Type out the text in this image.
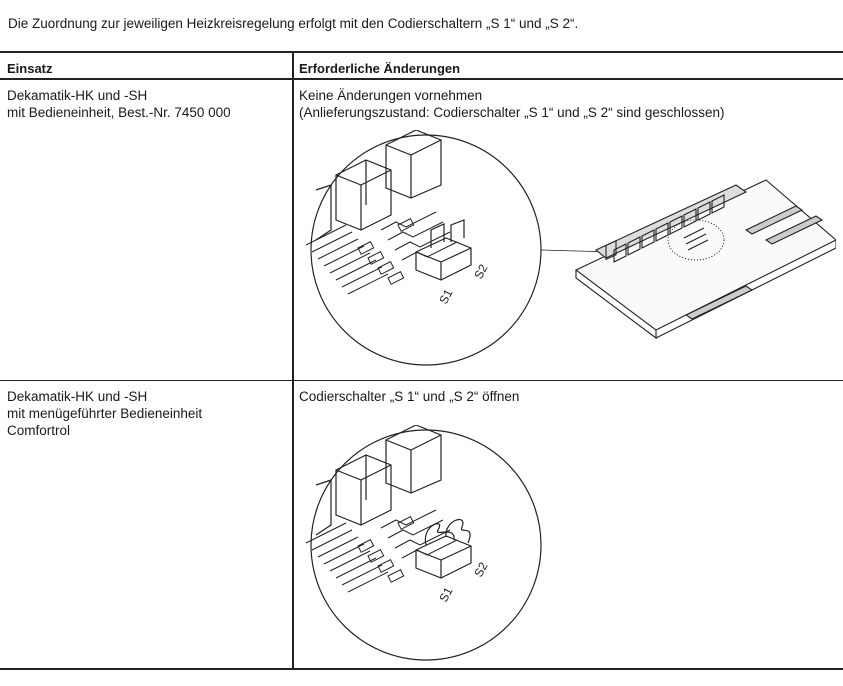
Die Zuordnung zur jeweiligen Heizkreisregelung erfolgt mit den Codierschaltern „S 1“ und „S 2“.
Einsatz	Erforderliche Änderungen
Dekamatik-HK und -SH
mit Bedieneinheit, Best.-Nr. 7450 000
Keine Änderungen vornehmen
(Anlieferungszustand: Codierschalter „S 1“ und „S 2“ sind geschlossen)
S1
S2
Dekamatik-HK und -SH
mit menügeführter Bedieneinheit
Comfortrol
Codierschalter „S 1“ und „S 2“ öffnen
S1
S2
